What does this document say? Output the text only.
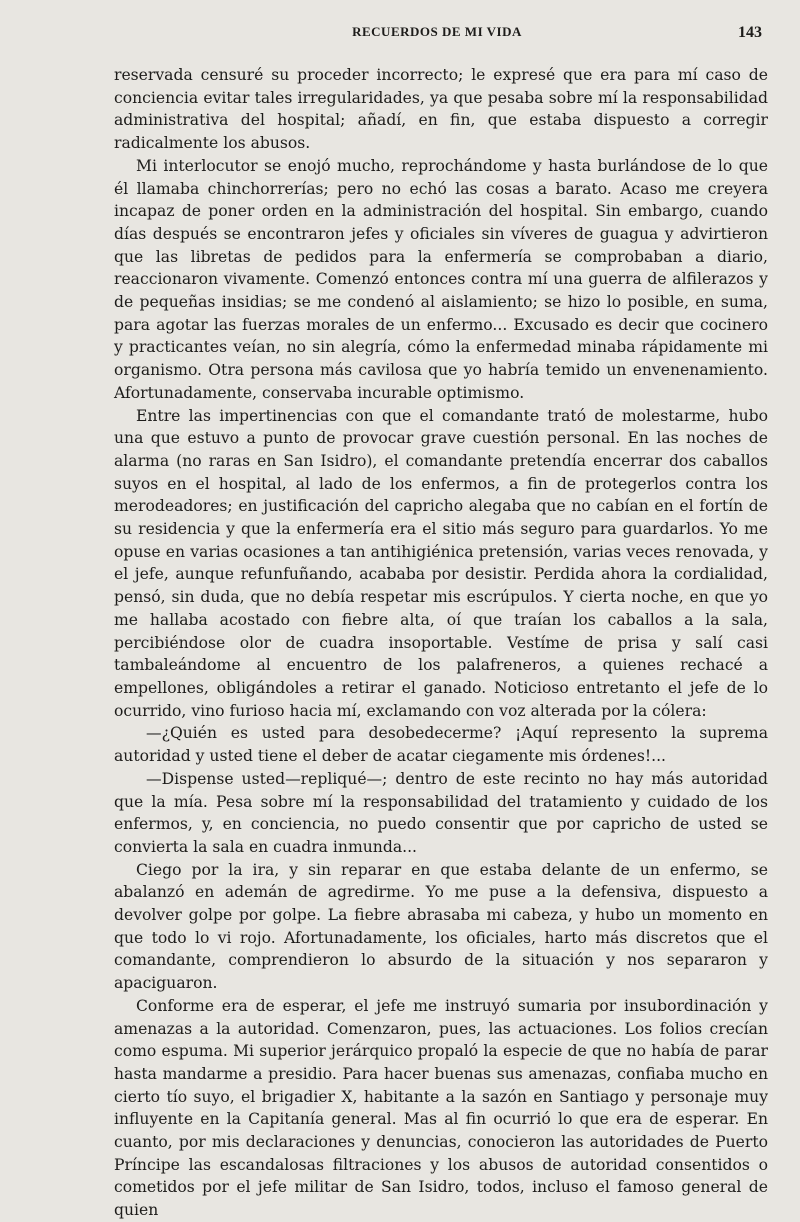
RECUERDOS DE MI VIDA	143

reservada censuré su proceder incorrecto; le expresé que era para mí caso de conciencia evitar tales irregularidades, ya que pesaba sobre mí la responsabilidad administrativa del hospital; añadí, en fin, que estaba dispuesto a corregir radicalmente los abusos.

Mi interlocutor se enojó mucho, reprochándome y hasta burlándose de lo que él llamaba chinchorrerías; pero no echó las cosas a barato. Acaso me creyera incapaz de poner orden en la administración del hospital. Sin embargo, cuando días después se encontraron jefes y oficiales sin víveres de guagua y advirtieron que las libretas de pedidos para la enfermería se comprobaban a diario, reaccionaron vivamente. Comenzó entonces contra mí una guerra de alfilerazos y de pequeñas insidias; se me condenó al aislamiento; se hizo lo posible, en suma, para agotar las fuerzas morales de un enfermo... Excusado es decir que cocinero y practicantes veían, no sin alegría, cómo la enfermedad minaba rápidamente mi organismo. Otra persona más cavilosa que yo habría temido un envenenamiento. Afortunadamente, conservaba incurable optimismo.

Entre las impertinencias con que el comandante trató de molestarme, hubo una que estuvo a punto de provocar grave cuestión personal. En las noches de alarma (no raras en San Isidro), el comandante pretendía encerrar dos caballos suyos en el hospital, al lado de los enfermos, a fin de protegerlos contra los merodeadores; en justificación del capricho alegaba que no cabían en el fortín de su residencia y que la enfermería era el sitio más seguro para guardarlos. Yo me opuse en varias ocasiones a tan antihigiénica pretensión, varias veces renovada, y el jefe, aunque refunfuñando, acababa por desistir. Perdida ahora la cordialidad, pensó, sin duda, que no debía respetar mis escrúpulos. Y cierta noche, en que yo me hallaba acostado con fiebre alta, oí que traían los caballos a la sala, percibiéndose olor de cuadra insoportable. Vestíme de prisa y salí casi tambaleándome al encuentro de los palafreneros, a quienes rechacé a empellones, obligándoles a retirar el ganado. Noticioso entretanto el jefe de lo ocurrido, vino furioso hacia mí, exclamando con voz alterada por la cólera:

—¿Quién es usted para desobedecerme? ¡Aquí represento la suprema autoridad y usted tiene el deber de acatar ciegamente mis órdenes!...

—Dispense usted—repliqué—; dentro de este recinto no hay más autoridad que la mía. Pesa sobre mí la responsabilidad del tratamiento y cuidado de los enfermos, y, en conciencia, no puedo consentir que por capricho de usted se convierta la sala en cuadra inmunda...

Ciego por la ira, y sin reparar en que estaba delante de un enfermo, se abalanzó en ademán de agredirme. Yo me puse a la defensiva, dispuesto a devolver golpe por golpe. La fiebre abrasaba mi cabeza, y hubo un momento en que todo lo vi rojo. Afortunadamente, los oficiales, harto más discretos que el comandante, comprendieron lo absurdo de la situación y nos separaron y apaciguaron.

Conforme era de esperar, el jefe me instruyó sumaria por insubordinación y amenazas a la autoridad. Comenzaron, pues, las actuaciones. Los folios crecían como espuma. Mi superior jerárquico propaló la especie de que no había de parar hasta mandarme a presidio. Para hacer buenas sus amenazas, confiaba mucho en cierto tío suyo, el brigadier X, habitante a la sazón en Santiago y personaje muy influyente en la Capitanía general. Mas al fin ocurrió lo que era de esperar. En cuanto, por mis declaraciones y denuncias, conocieron las autoridades de Puerto Príncipe las escandalosas filtraciones y los abusos de autoridad consentidos o cometidos por el jefe militar de San Isidro, todos, incluso el famoso general de quien
